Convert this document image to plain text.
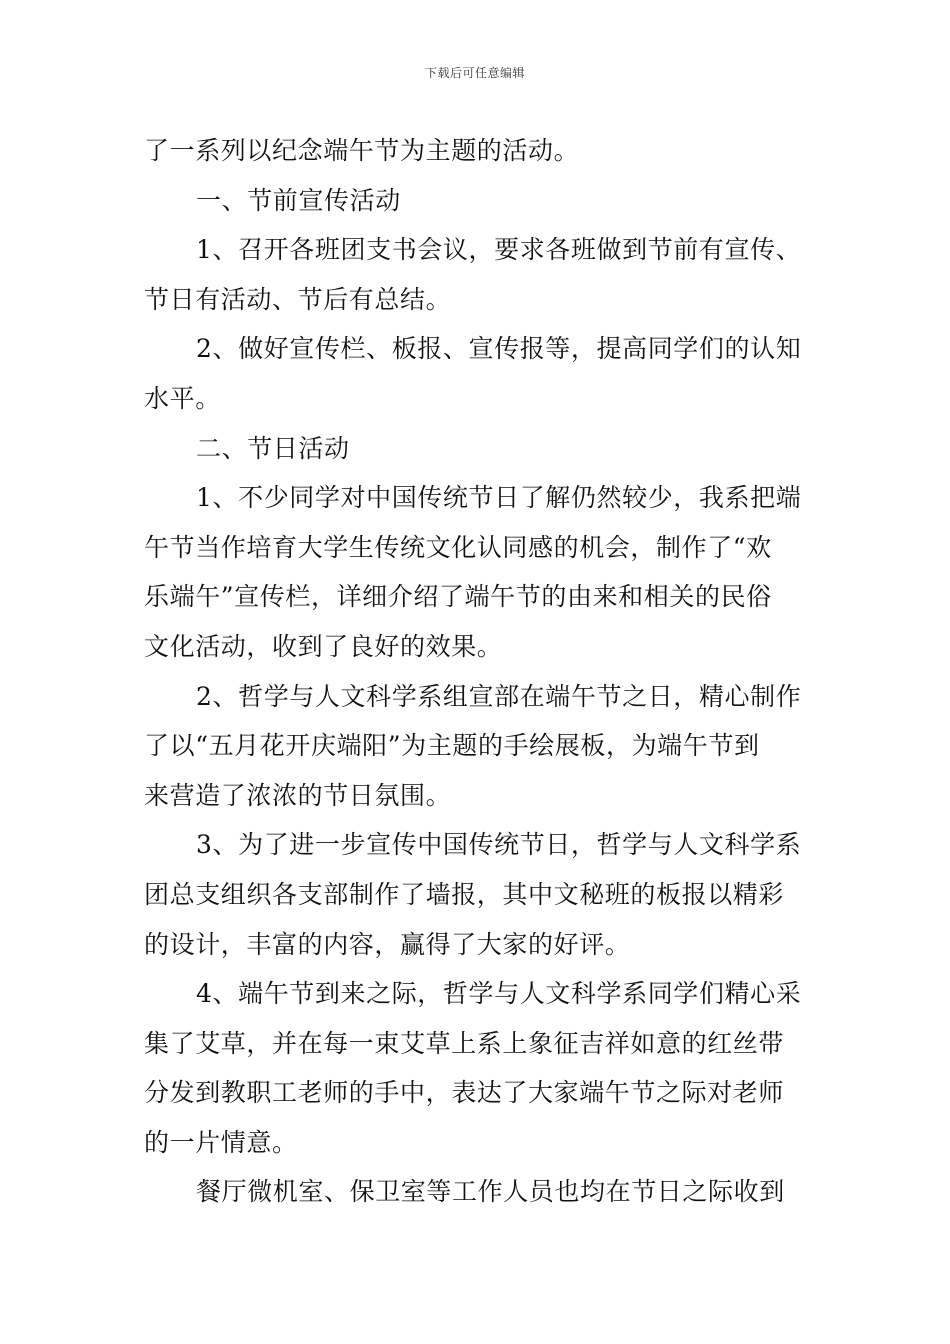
下载后可任意编辑
了一系列以纪念端午节为主题的活动。
一、节前宣传活动
1、召开各班团支书会议，要求各班做到节前有宣传、
节日有活动、节后有总结。
2、做好宣传栏、板报、宣传报等，提高同学们的认知
水平。
二、节日活动
1、不少同学对中国传统节日了解仍然较少，我系把端
午节当作培育大学生传统文化认同感的机会，制作了“欢
乐端午”宣传栏，详细介绍了端午节的由来和相关的民俗
文化活动，收到了良好的效果。
2、哲学与人文科学系组宣部在端午节之日，精心制作
了以“五月花开庆端阳”为主题的手绘展板，为端午节到
来营造了浓浓的节日氛围。
3、为了进一步宣传中国传统节日，哲学与人文科学系
团总支组织各支部制作了墙报，其中文秘班的板报以精彩
的设计，丰富的内容，赢得了大家的好评。
4、端午节到来之际，哲学与人文科学系同学们精心采
集了艾草，并在每一束艾草上系上象征吉祥如意的红丝带
分发到教职工老师的手中，表达了大家端午节之际对老师
的一片情意。
餐厅微机室、保卫室等工作人员也均在节日之际收到
